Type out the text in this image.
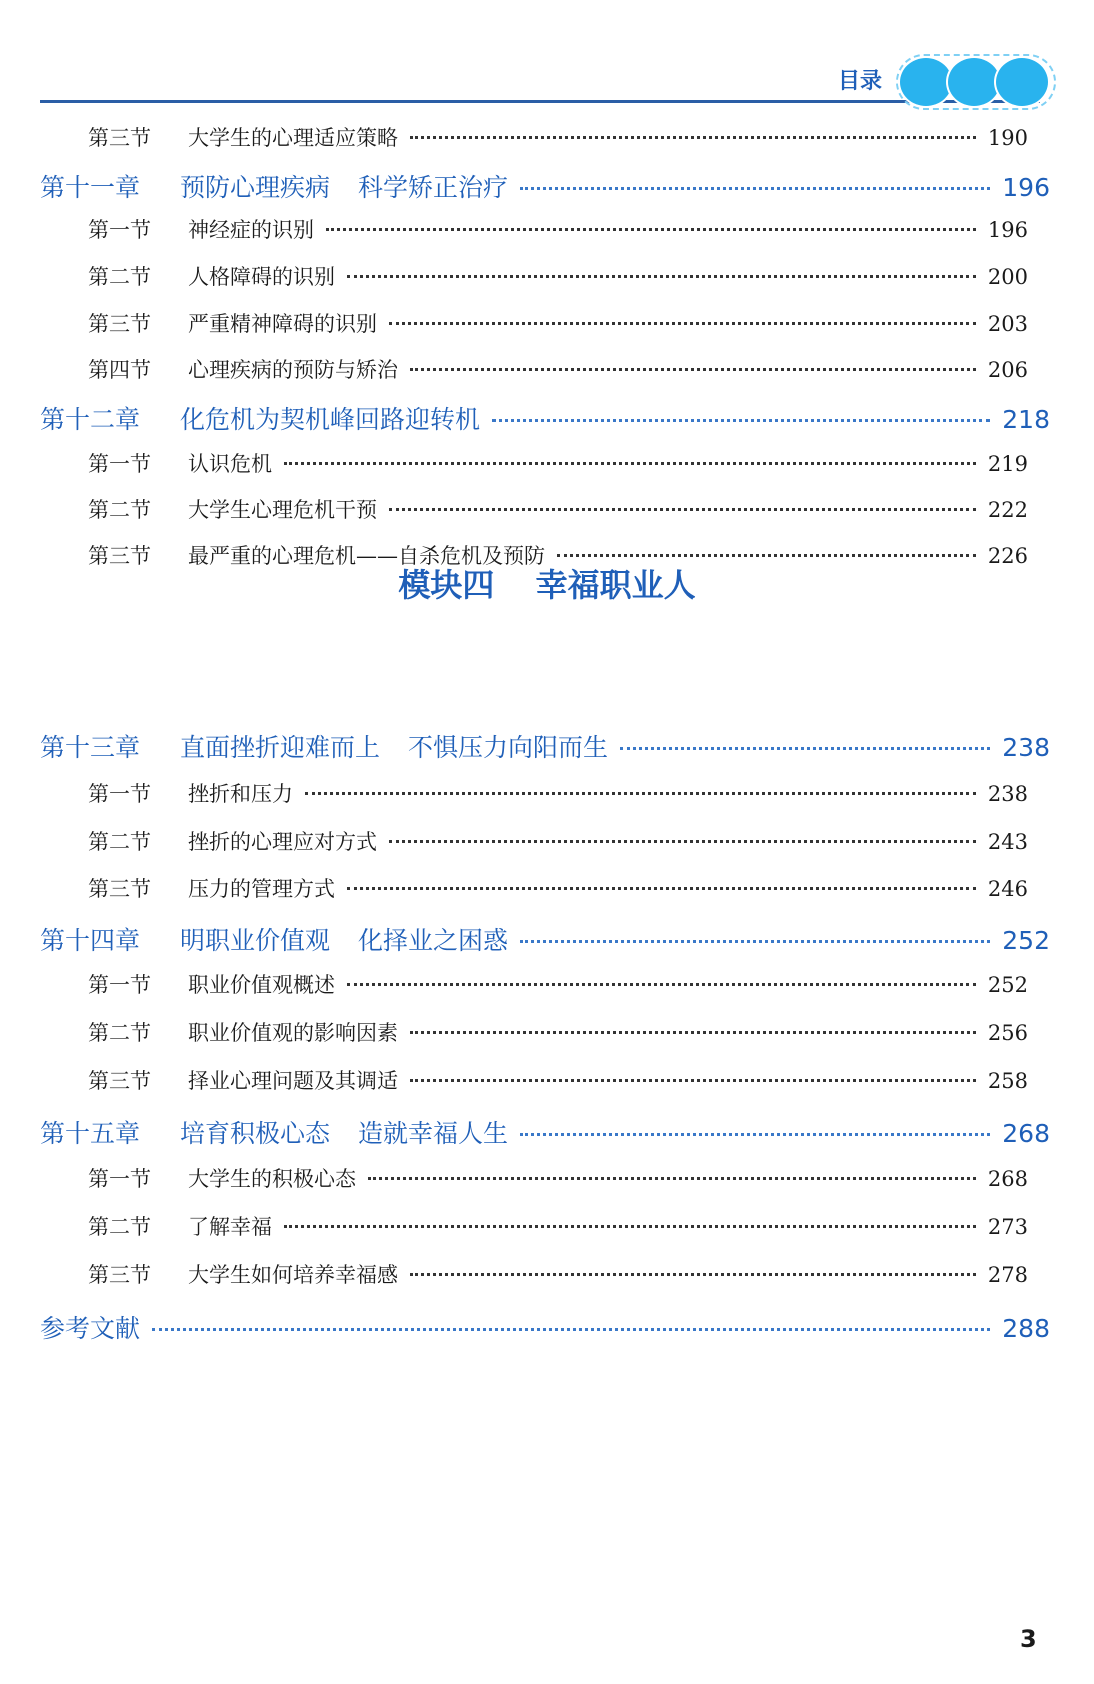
目录
第三节	大学生的心理适应策略	190
第十一章	预防心理疾病 科学矫正治疗	196
第一节	神经症的识别	196
第二节	人格障碍的识别	200
第三节	严重精神障碍的识别	203
第四节	心理疾病的预防与矫治	206
第十二章	化危机为契机峰回路迎转机	218
第一节	认识危机	219
第二节	大学生心理危机干预	222
第三节	最严重的心理危机——自杀危机及预防	226
第十三章	直面挫折迎难而上 不惧压力向阳而生	238
第一节	挫折和压力	238
第二节	挫折的心理应对方式	243
第三节	压力的管理方式	246
第十四章	明职业价值观 化择业之困惑	252
第一节	职业价值观概述	252
第二节	职业价值观的影响因素	256
第三节	择业心理问题及其调适	258
第十五章	培育积极心态 造就幸福人生	268
第一节	大学生的积极心态	268
第二节	了解幸福	273
第三节	大学生如何培养幸福感	278
参考文献	288
模块四 幸福职业人
3
